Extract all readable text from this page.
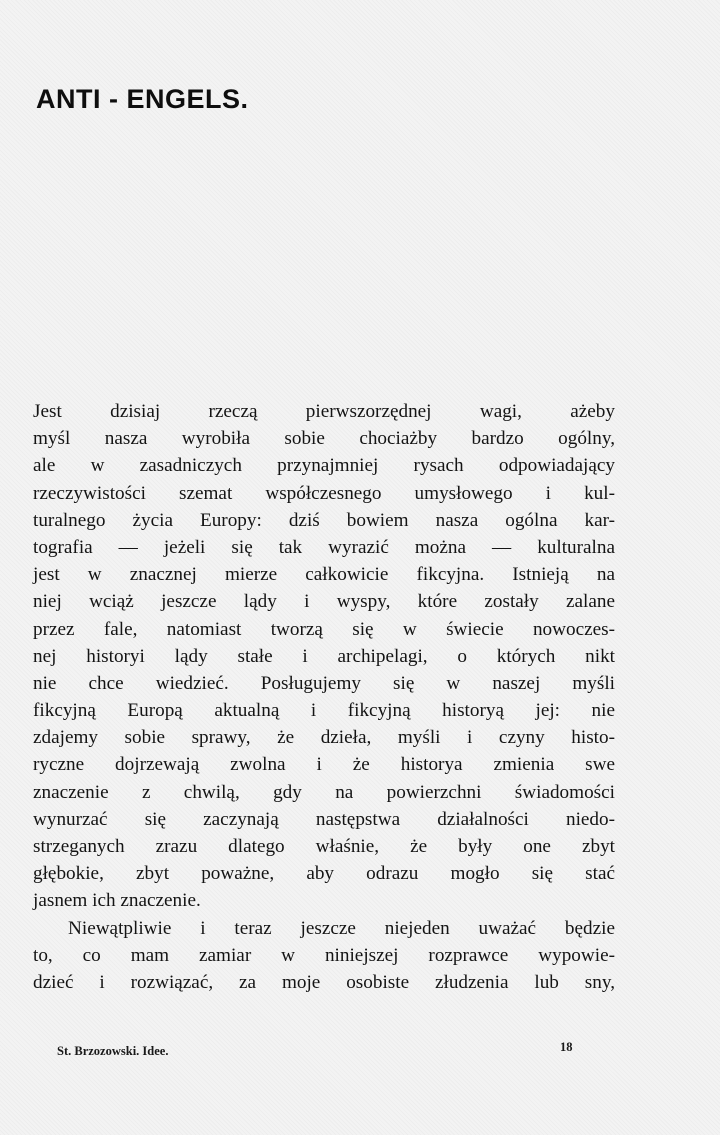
ANTI - ENGELS.
Jest dzisiaj rzeczą pierwszorzędnej wagi, ażeby
myśl nasza wyrobiła sobie chociażby bardzo ogólny,
ale w zasadniczych przynajmniej rysach odpowiadający
rzeczywistości szemat współczesnego umysłowego i kul-
turalnego życia Europy: dziś bowiem nasza ogólna kar-
tografia — jeżeli się tak wyrazić można — kulturalna
jest w znacznej mierze całkowicie fikcyjna. Istnieją na
niej wciąż jeszcze lądy i wyspy, które zostały zalane
przez fale, natomiast tworzą się w świecie nowoczes-
nej historyi lądy stałe i archipelagi, o których nikt
nie chce wiedzieć. Posługujemy się w naszej myśli
fikcyjną Europą aktualną i fikcyjną historyą jej: nie
zdajemy sobie sprawy, że dzieła, myśli i czyny histo-
ryczne dojrzewają zwolna i że historya zmienia swe
znaczenie z chwilą, gdy na powierzchni świadomości
wynurzać się zaczynają następstwa działalności niedo-
strzeganych zrazu dlatego właśnie, że były one zbyt
głębokie, zbyt poważne, aby odrazu mogło się stać
jasnem ich znaczenie.
Niewątpliwie i teraz jeszcze niejeden uważać będzie
to, co mam zamiar w niniejszej rozprawce wypowie-
dzieć i rozwiązać, za moje osobiste złudzenia lub sny,
St. Brzozowski. Idee.	18
